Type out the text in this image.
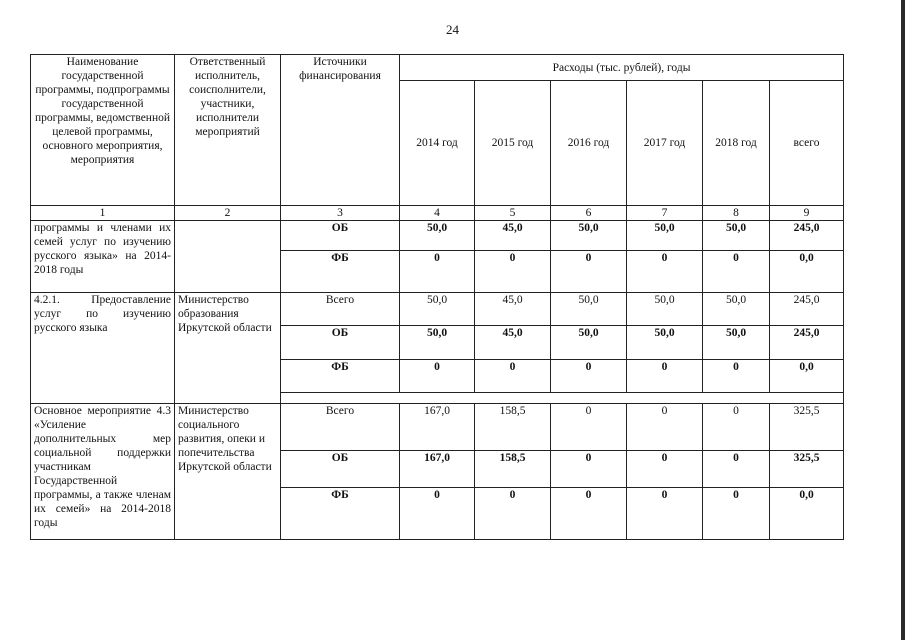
24
Наименование государственной программы, подпрограммы государственной программы, ведомственной целевой программы, основного мероприятия, мероприятия	Ответственный исполнитель, соисполнители, участники, исполнители мероприятий	Источники финансирования	Расходы (тыс. рублей), годы					
			2014 год	2015 год	2016 год	2017 год	2018 год	всего
1	2	3	4	5	6	7	8	9
программы и членами их семей услуг по изучению русского языка» на 2014-2018 годы		ОБ	50,0	45,0	50,0	50,0	50,0	245,0
		ФБ	0	0	0	0	0	0,0
4.2.1. Предоставление услуг по изучению русского языка	Министерство образования Иркутской области	Всего	50,0	45,0	50,0	50,0	50,0	245,0
		ОБ	50,0	45,0	50,0	50,0	50,0	245,0
		ФБ	0	0	0	0	0	0,0

Основное мероприятие 4.3 «Усиление дополнительных мер социальной поддержки участникам Государственной программы, а также членам их семей» на 2014-2018 годы	Министерство социального развития, опеки и попечительства Иркутской области	Всего	167,0	158,5	0	0	0	325,5
		ОБ	167,0	158,5	0	0	0	325,5
		ФБ	0	0	0	0	0	0,0
